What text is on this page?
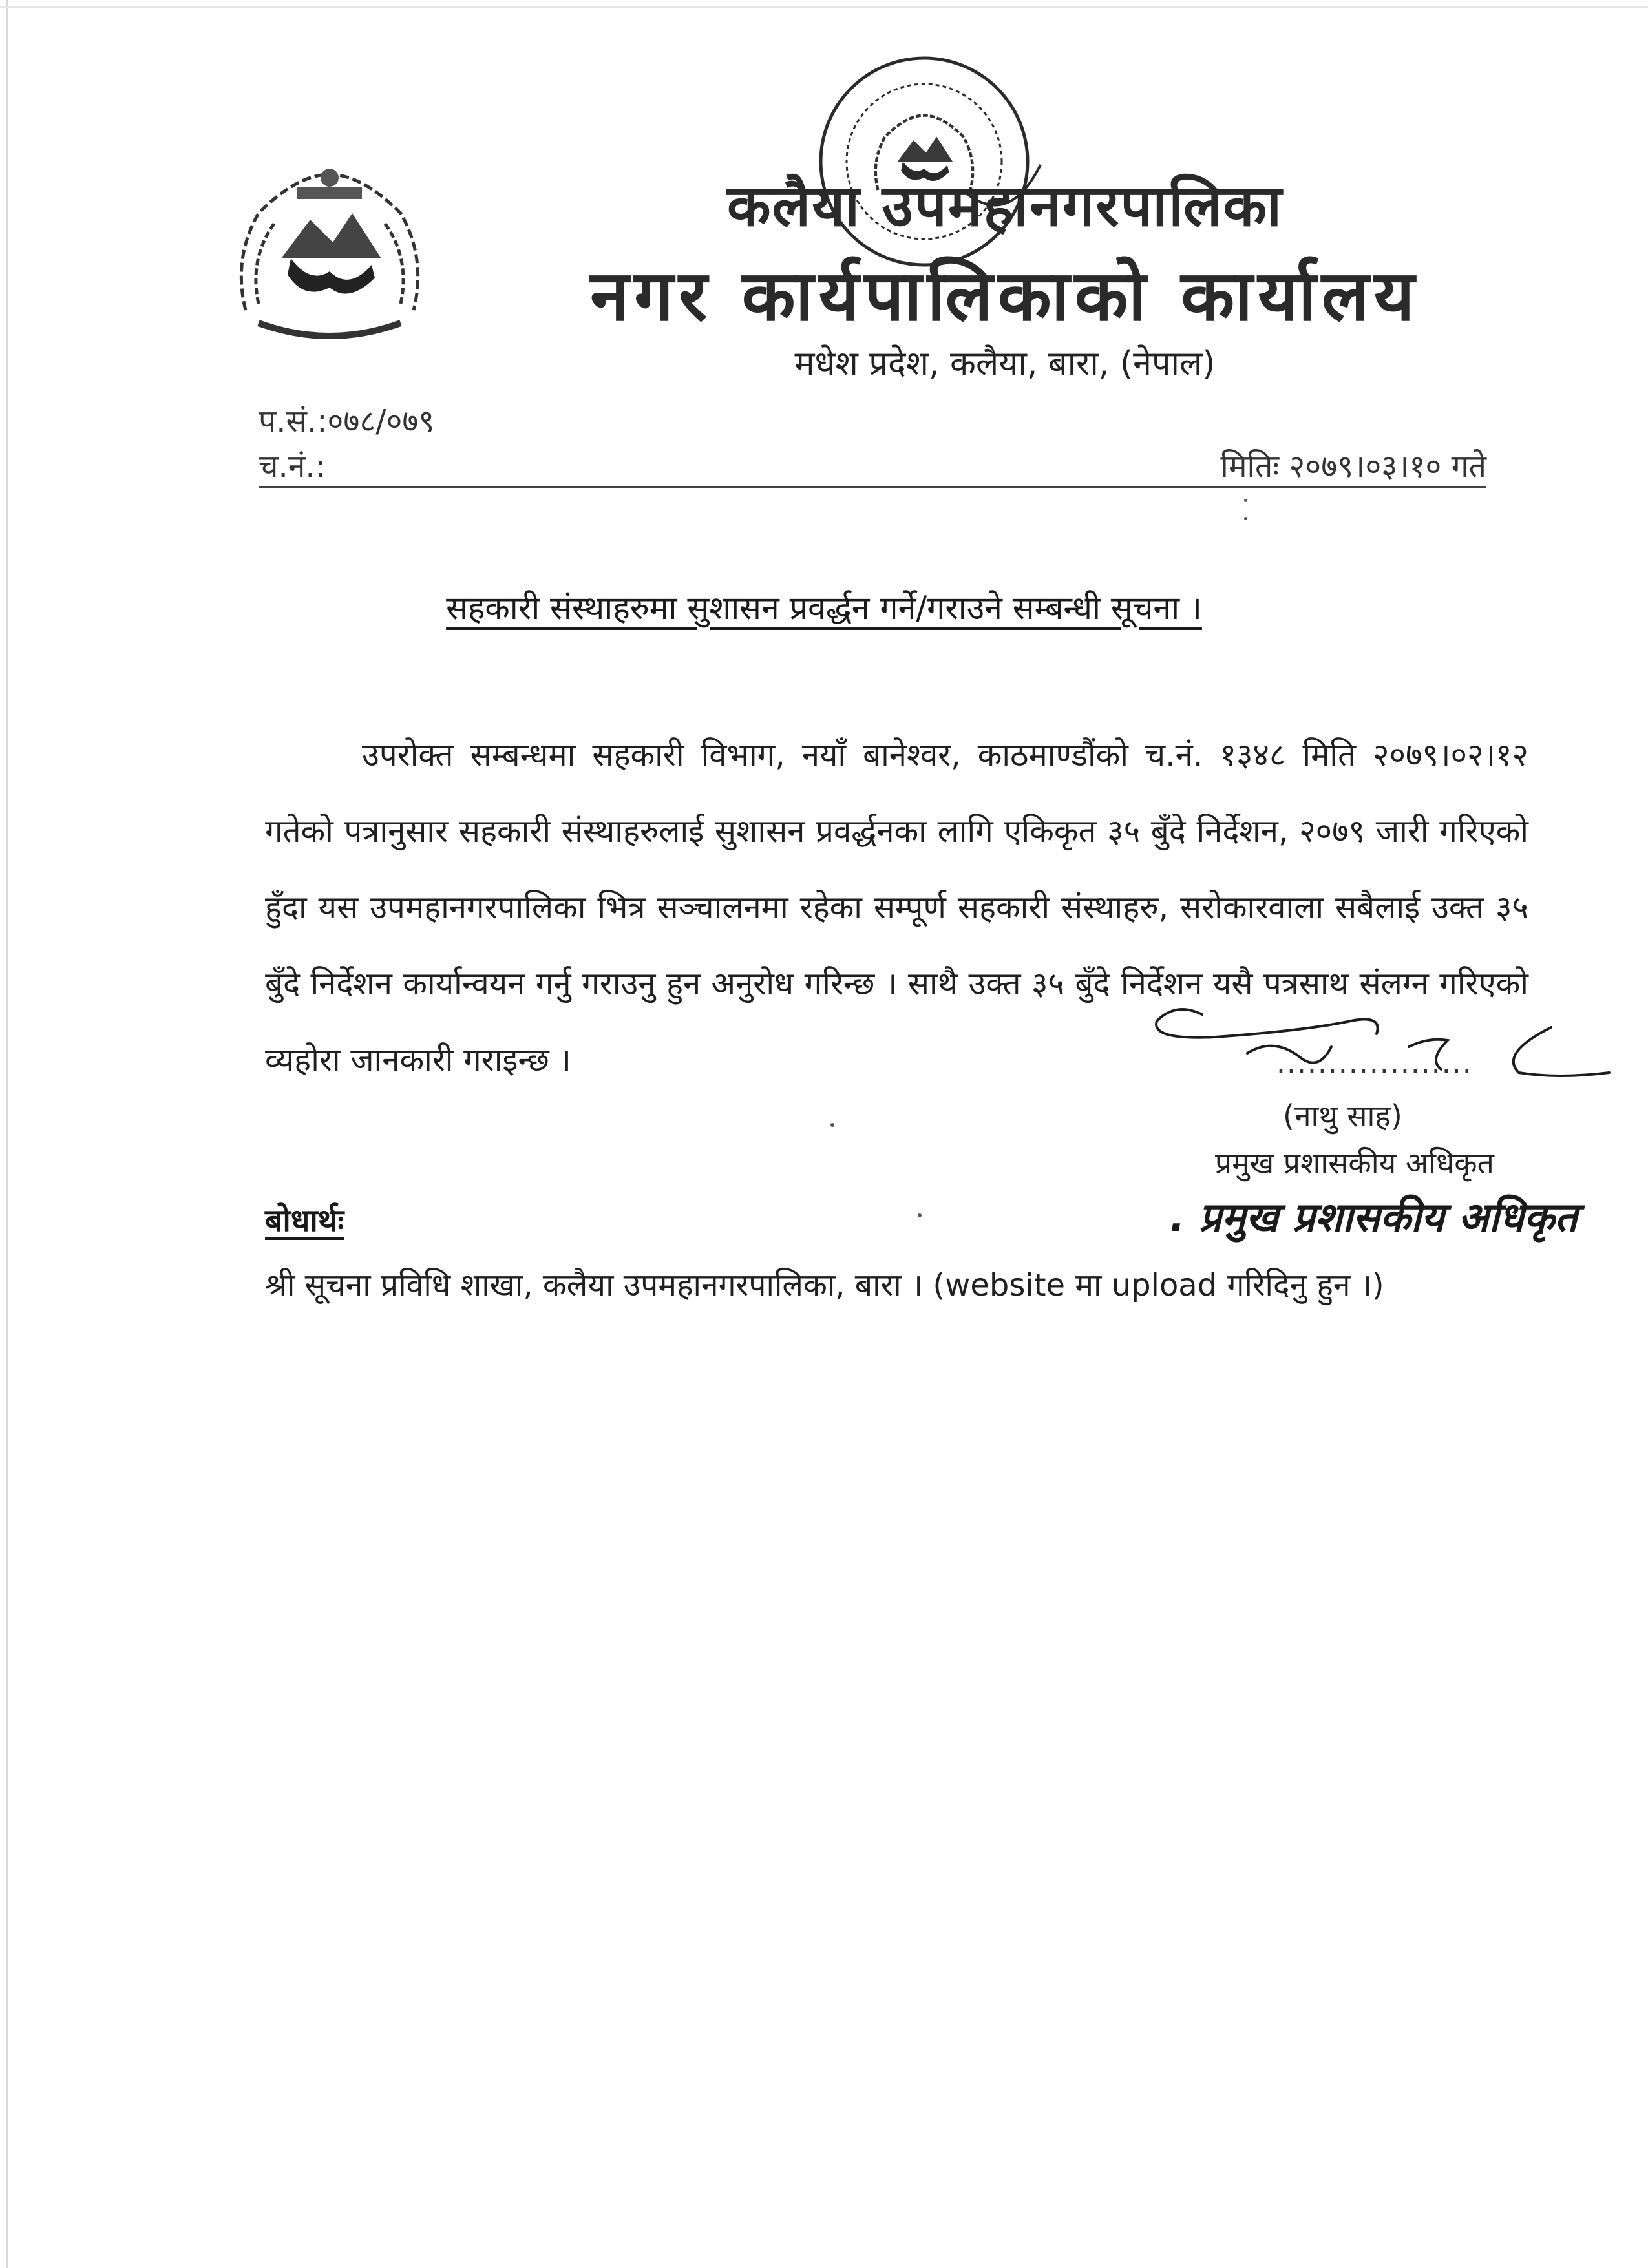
कलैया उपमहानगरपालिका
नगर कार्यपालिकाको कार्यालय
मधेश प्रदेश, कलैया, बारा, (नेपाल)
प.सं.:०७८/०७९
च.नं.:	मितिः २०७९।०३।१० गते
सहकारी संस्थाहरुमा सुशासन प्रवर्द्धन गर्ने/गराउने सम्बन्धी सूचना ।
उपरोक्त सम्बन्धमा सहकारी विभाग, नयाँ बानेश्वर, काठमाण्डौंको च.नं. १३४८ मिति २०७९।०२।१२ गतेको पत्रानुसार सहकारी संस्थाहरुलाई सुशासन प्रवर्द्धनका लागि एकिकृत ३५ बुँदे निर्देशन, २०७९ जारी गरिएको हुँदा यस उपमहानगरपालिका भित्र सञ्चालनमा रहेका सम्पूर्ण सहकारी संस्थाहरु, सरोकारवाला सबैलाई उक्त ३५ बुँदे निर्देशन कार्यान्वयन गर्नु गराउनु हुन अनुरोध गरिन्छ । साथै उक्त ३५ बुँदे निर्देशन यसै पत्रसाथ संलग्न गरिएको व्यहोरा जानकारी गराइन्छ ।	...................
(नाथु साह)
प्रमुख प्रशासकीय अधिकृत
. प्रमुख प्रशासकीय अधिकृत
बोधार्थः
श्री सूचना प्रविधि शाखा, कलैया उपमहानगरपालिका, बारा । (website मा upload गरिदिनु हुन ।)
